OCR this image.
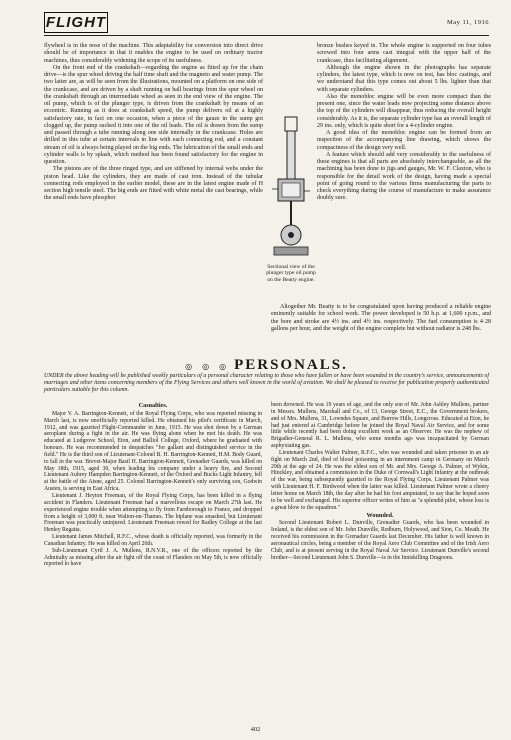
FLIGHT	May 11, 1916

flywheel is in the nose of the machine. This adaptability for conversion into direct drive should be of importance in that it enables the engine to be used on ordinary tractor machines, thus considerably widening the scope of its usefulness.

On the front end of the crankshaft—regarding the engine as fitted up for the chain drive—is the spur wheel driving the half time shaft and the magneto and water pump. The two latter are, as will be seen from the illustrations, mounted on a platform on one side of the crankcase, and are driven by a shaft running on ball bearings from the spur wheel on the crankshaft through an intermediate wheel as seen in the end view of the engine. The oil pump, which is of the plunger type, is driven from the crankshaft by means of an eccentric. Running as it does at crankshaft speed, the pump delivers oil at a highly satisfactory rate, in fact on one occasion, when a piece of the gauze in the sump got clogged up, the pump sucked it into one of the oil leads. The oil is drawn from the sump and passed through a tube running along one side internally in the crankcase. Holes are drilled in this tube at certain intervals in line with each connecting rod, and a constant stream of oil is always being played on the big ends. The lubrication of the small ends and cylinder walls is by splash, which method has been found satisfactory for the engine in question.

The pistons are of the three ringed type, and are stiffened by internal webs under the piston head. Like the cylinders, they are made of cast iron. Instead of the tubular connecting rods employed in the earlier model, these are in the latest engine made of H section high tensile steel. The big ends are fitted with white metal die cast bearings, while the small ends have phosphor

Sectional view of the plunger type oil pump on the Beatty engine.

bronze bushes keyed in. The whole engine is supported on four tubes screwed into four arms cast integral with the upper half of the crankcase, thus facilitating alignment.

Although the engine shown in the photographs has separate cylinders, the latest type, which is now on test, has bloc castings, and we understand that this type comes out about 5 lbs. lighter than that with separate cylinders.

Also the monobloc engine will be even more compact than the present one, since the water leads now projecting some distance above the top of the cylinders will disappear, thus reducing the overall height considerably. As it is, the separate cylinder type has an overall length of 29 ins. only, which is quite short for a 4-cylinder engine.

A good idea of the monobloc engine can be formed from an inspection of the accompanying line drawing, which shows the compactness of the design very well.

A feature which should add very considerably to the usefulness of these engines is that all parts are absolutely interchangeable, as all the machining has been done to jigs and gauges, Mr. W. F. Claxton, who is responsible for the detail work of the design, having made a special point of going round to the various firms manufacturing the parts to check everything during the course of manufacture to make assurance doubly sure.

Altogether Mr. Beatty is to be congratulated upon having produced a reliable engine eminently suitable for school work. The power developed is 50 h.p. at 1,600 r.p.m., and the bore and stroke are 4½ ins. and 4½ ins. respectively. The fuel consumption is 4·28 gallons per hour, and the weight of the engine complete but without radiator is 248 lbs.

◎ ◎ ◎ PERSONALS.
UNDER the above heading will be published weekly particulars of a personal character relating to those who have fallen or have been wounded in the country's service, announcements of marriages and other items concerning members of the Flying Services and others well known in the world of aviation. We shall be pleased to receive for publication properly authenticated particulars suitable for this column.
Casualties.

Major V. A. Barrington-Kennett, of the Royal Flying Corps, who was reported missing in March last, is now unofficially reported killed. He obtained his pilot's certificate in March, 1912, and was gazetted Flight-Commander in June, 1915. He was shot down by a German aeroplane during a fight in the air. He was flying alone when he met his death. He was educated at Ludgrove School, Eton, and Balliol College, Oxford, where he graduated with honours. He was recommended in despatches "for gallant and distinguished service in the field." He is the third son of Lieutenant-Colonel B. H. Barrington-Kennett, H.M. Body Guard, to fall in the war. Brevet-Major Basil H. Barrington-Kennett, Grenadier Guards, was killed on May 18th, 1915, aged 30, when leading his company under a heavy fire, and Second Lieutenant Aubrey Hampden Barrington-Kennett, of the Oxford and Bucks Light Infantry, fell at the battle of the Aisne, aged 25. Colonel Barrington-Kennett's only surviving son, Godwin Austen, is serving in East Africa.

Lieutenant J. Heyton Freeman, of the Royal Flying Corps, has been killed in a flying accident in Flanders. Lieutenant Freeman had a marvellous escape on March 27th last. He experienced engine trouble when attempting to fly from Farnborough to France, and dropped from a height of 3,000 ft. near Walton-on-Thames. The biplane was smashed, but Lieutenant Freeman was practically uninjured. Lieutenant Freeman rowed for Radley College at the last Henley Regatta.

Lieutenant James Mitchell, R.F.C., whose death is officially reported, was formerly in the Canadian Infantry. He was killed on April 26th.

Sub-Lieutenant Cyril J. A. Mullens, R.N.V.R., one of the officers reported by the Admiralty as missing after the air fight off the coast of Flanders on May 5th, is now officially reported to have

been drowned. He was 19 years of age, and the only son of Mr. John Ashley Mullens, partner in Messrs. Mullens, Marshall and Co., of 13, George Street, E.C., the Government brokers, and of Mrs. Mullens, 31, Lowndes Square, and Burrow Hills, Longcross. Educated at Eton, he had just entered at Cambridge before he joined the Royal Naval Air Service, and for some little while recently had been doing excellent work as an Observer. He was the nephew of Brigadier-General R. L. Mullens, who some months ago was incapacitated by German asphyxiating gas.

Lieutenant Charles Walter Palmer, R.F.C., who was wounded and taken prisoner in an air fight on March 2nd, died of blood poisoning in an internment camp in Germany on March 29th at the age of 24. He was the eldest son of Mr. and Mrs. George A. Palmer, of Wykin, Hinckley, and obtained a commission in the Duke of Cornwall's Light Infantry at the outbreak of the war, being subsequently gazetted to the Royal Flying Corps. Lieutenant Palmer was with Lieutenant H. F. Birdwood when the latter was killed. Lieutenant Palmer wrote a cheery letter home on March 18th, the day after he had his foot amputated, to say that he hoped soon to be well and exchanged. His superior officer writes of him as "a splendid pilot, whose loss is a great blow to the squadron."

Wounded.

Second Lieutenant Robert L. Dunville, Grenadier Guards, who has been wounded in Ireland, is the eldest son of Mr. John Dunville, Redburn, Holywood, and Sion, Co. Meath. He received his commission in the Grenadier Guards last December. His father is well known in aeronautical circles, being a member of the Royal Aero Club Committee and of the Irish Aero Club, and is at present serving in the Royal Naval Air Service. Lieutenant Dunville's second brother—Second Lieutenant John S. Dunville—is in the Inniskilling Dragoons.

402
